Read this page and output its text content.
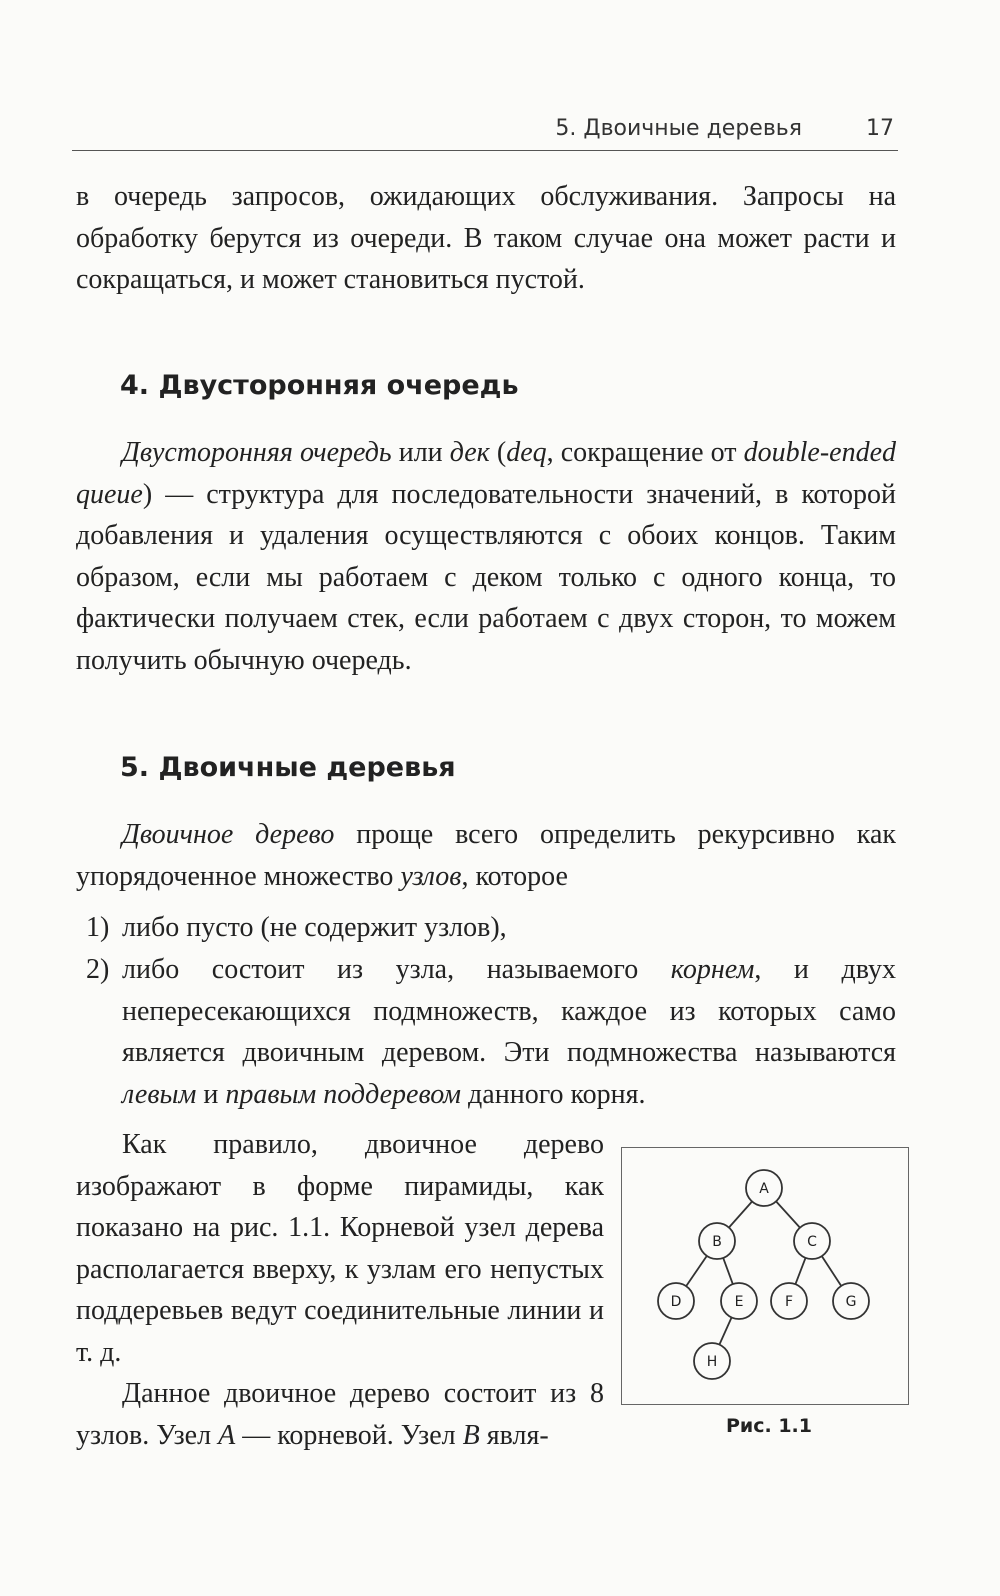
5. Двоичные деревья	17

в очередь запросов, ожидающих обслуживания. Запросы на обработку берутся из очереди. В таком случае она может расти и сокращаться, и может становиться пустой.

4. Двусторонняя очередь

Двусторонняя очередь или дек (deq, сокращение от double-ended queue) — структура для последовательности значений, в которой добавления и удаления осуществляются с обоих концов. Таким образом, если мы работаем с деком только с одного конца, то фактически получаем стек, если работаем с двух сторон, то можем получить обычную очередь.

5. Двоичные деревья

Двоичное дерево проще всего определить рекурсивно как упорядоченное множество узлов, которое

1) либо пусто (не содержит узлов),
2) либо состоит из узла, называемого корнем, и двух непересекающихся подмножеств, каждое из которых само является двоичным деревом. Эти подмножества называются левым и правым поддеревом данного корня.

Как правило, двоичное дерево изображают в форме пирамиды, как показано на рис. 1.1. Корневой узел дерева располагается вверху, к узлам его непустых поддеревьев ведут соединительные линии и т. д.

Данное двоичное дерево состоит из 8 узлов. Узел A — корневой. Узел B явля-

A
B	C
D	E	F	G
H
Рис. 1.1
